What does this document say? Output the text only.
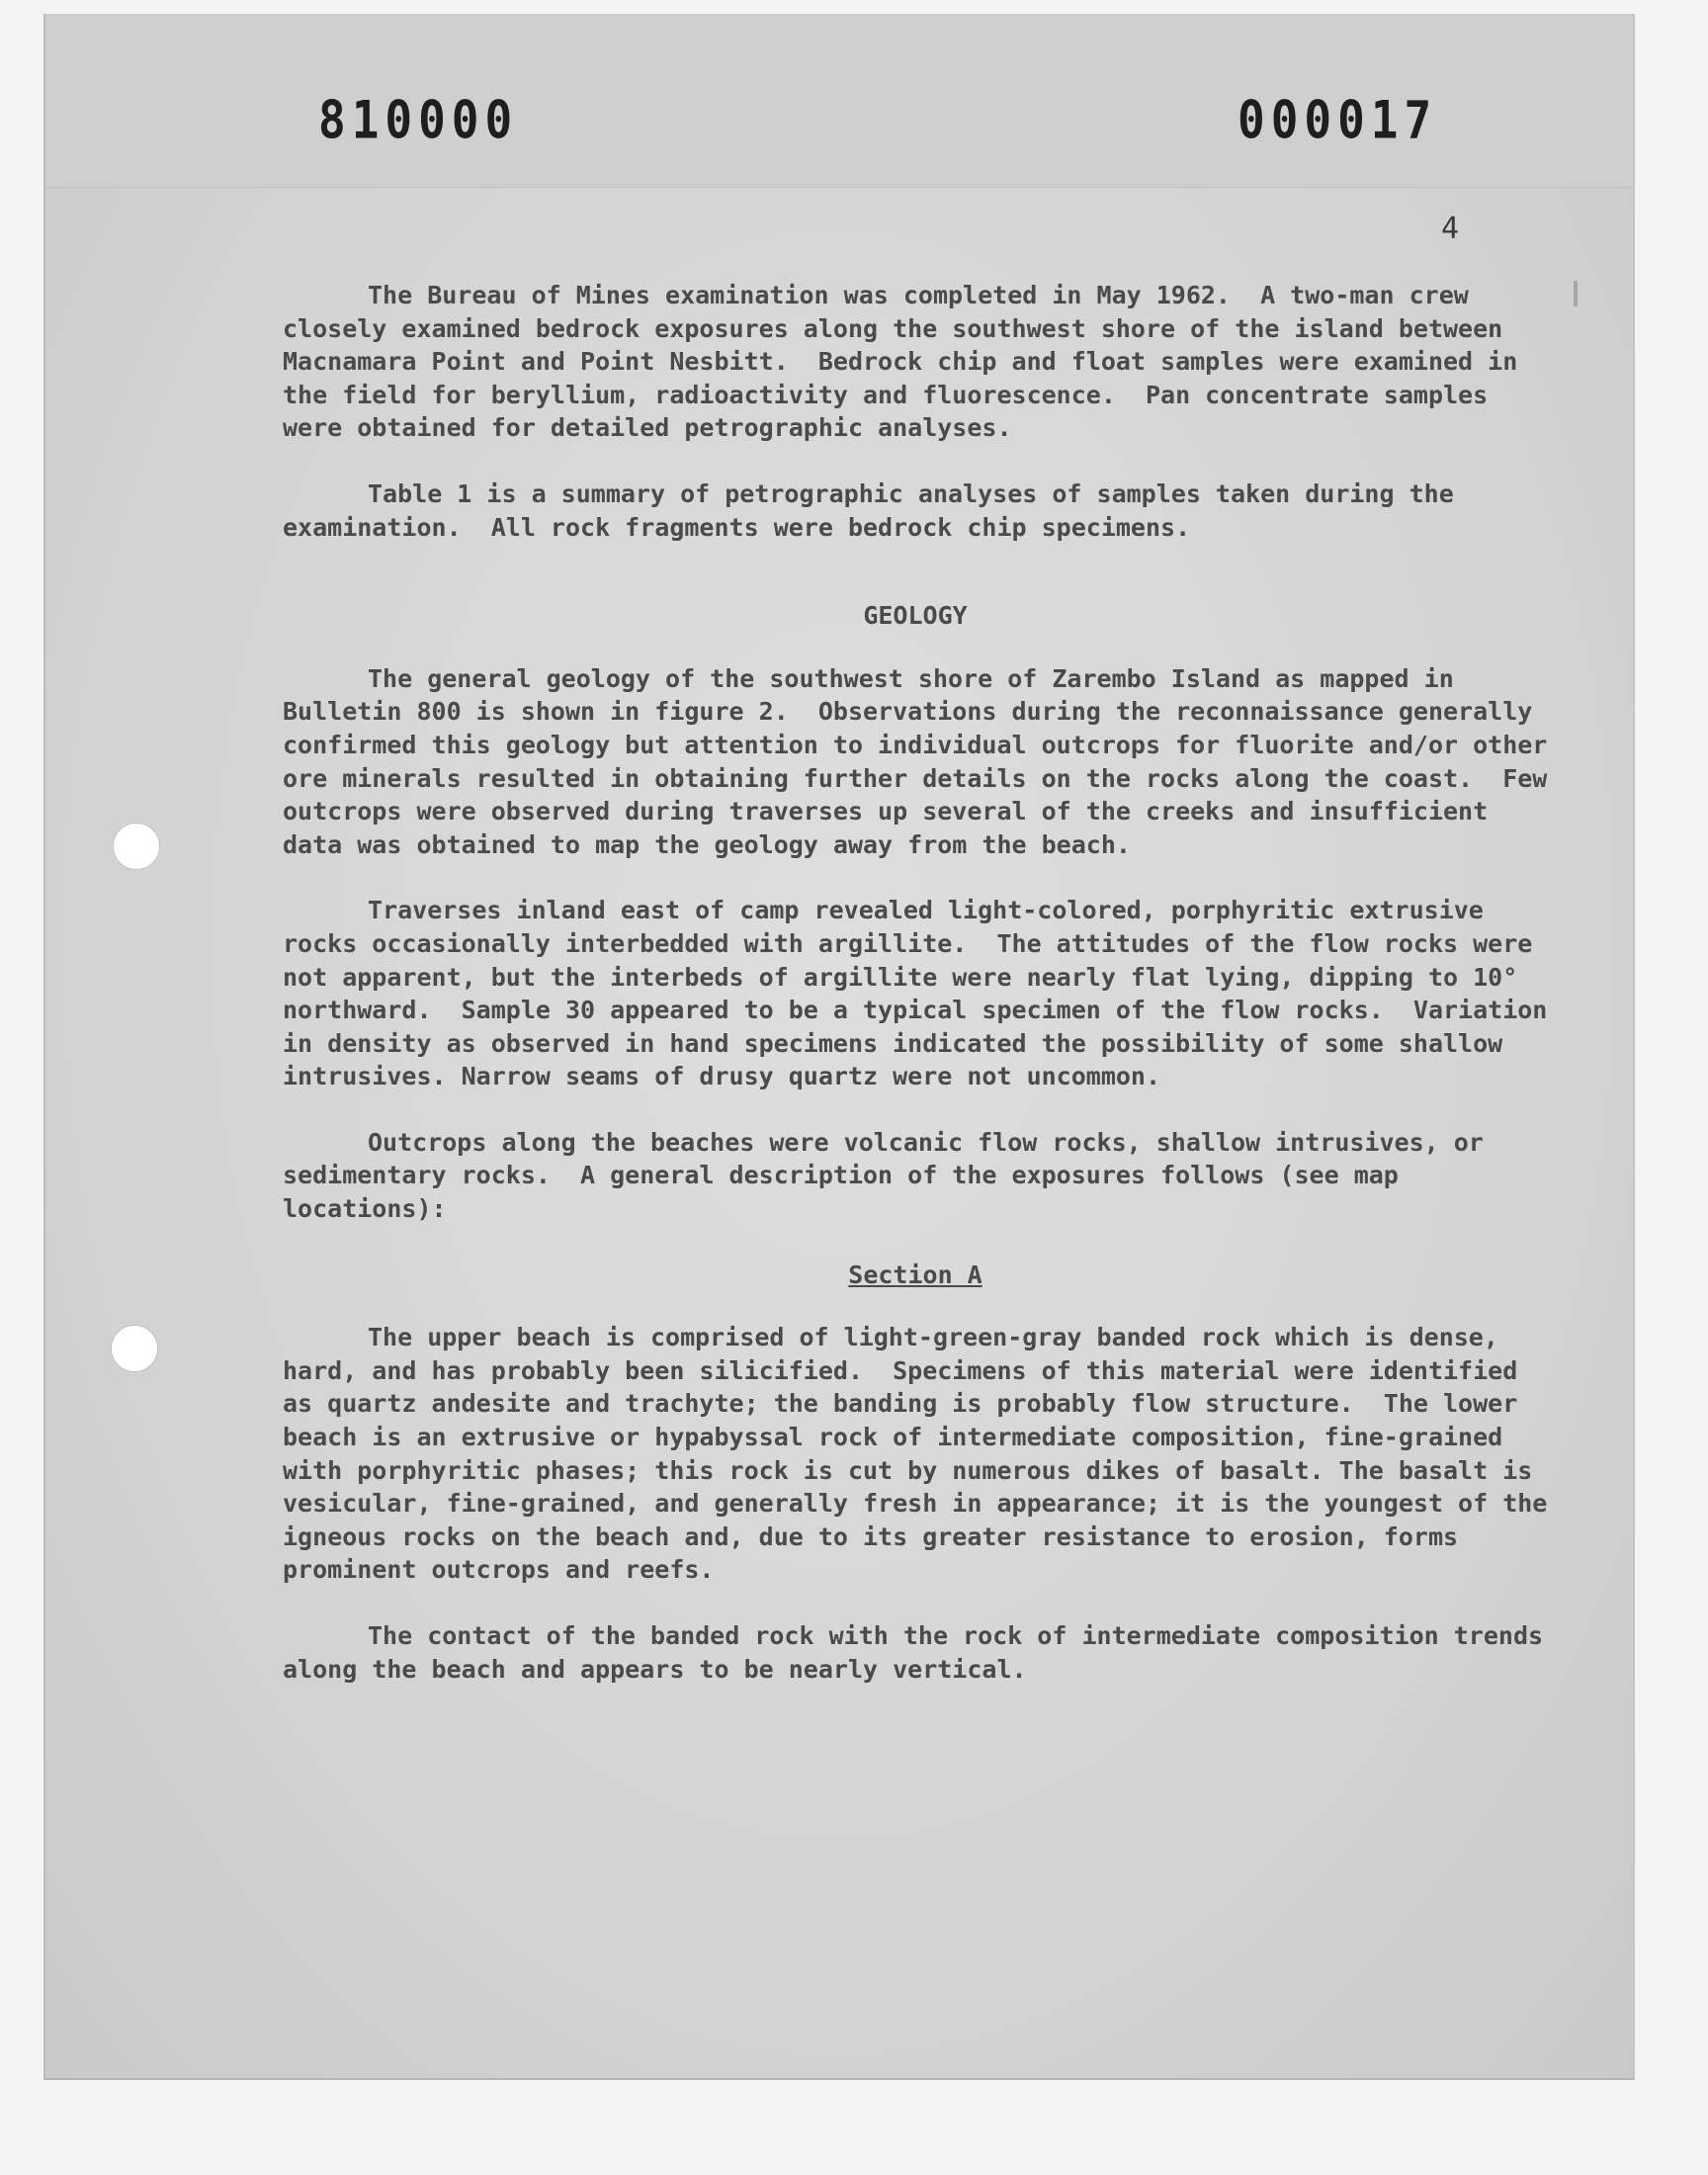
810000	000017
4

The Bureau of Mines examination was completed in May 1962.  A two-man crew closely examined bedrock exposures along the southwest shore of the island between Macnamara Point and Point Nesbitt.  Bedrock chip and float samples were examined in the field for beryllium, radioactivity and fluorescence.  Pan concentrate samples were obtained for detailed petrographic analyses.

Table 1 is a summary of petrographic analyses of samples taken during the examination.  All rock fragments were bedrock chip specimens.

GEOLOGY

The general geology of the southwest shore of Zarembo Island as mapped in Bulletin 800 is shown in figure 2.  Observations during the reconnaissance generally confirmed this geology but attention to individual outcrops for fluorite and/or other ore minerals resulted in obtaining further details on the rocks along the coast.  Few outcrops were observed during traverses up several of the creeks and insufficient data was obtained to map the geology away from the beach.

Traverses inland east of camp revealed light-colored, porphyritic extrusive rocks occasionally interbedded with argillite.  The attitudes of the flow rocks were not apparent, but the interbeds of argillite were nearly flat lying, dipping to 10° northward.  Sample 30 appeared to be a typical specimen of the flow rocks.  Variation in density as observed in hand specimens indicated the possibility of some shallow intrusives. Narrow seams of drusy quartz were not uncommon.

Outcrops along the beaches were volcanic flow rocks, shallow intrusives, or sedimentary rocks.  A general description of the exposures follows (see map locations):

Section A

The upper beach is comprised of light-green-gray banded rock which is dense, hard, and has probably been silicified.  Specimens of this material were identified as quartz andesite and trachyte; the banding is probably flow structure.  The lower beach is an extrusive or hypabyssal rock of intermediate composition, fine-grained with porphyritic phases; this rock is cut by numerous dikes of basalt. The basalt is vesicular, fine-grained, and generally fresh in appearance; it is the youngest of the igneous rocks on the beach and, due to its greater resistance to erosion, forms prominent outcrops and reefs.

The contact of the banded rock with the rock of intermediate composition trends along the beach and appears to be nearly vertical.
